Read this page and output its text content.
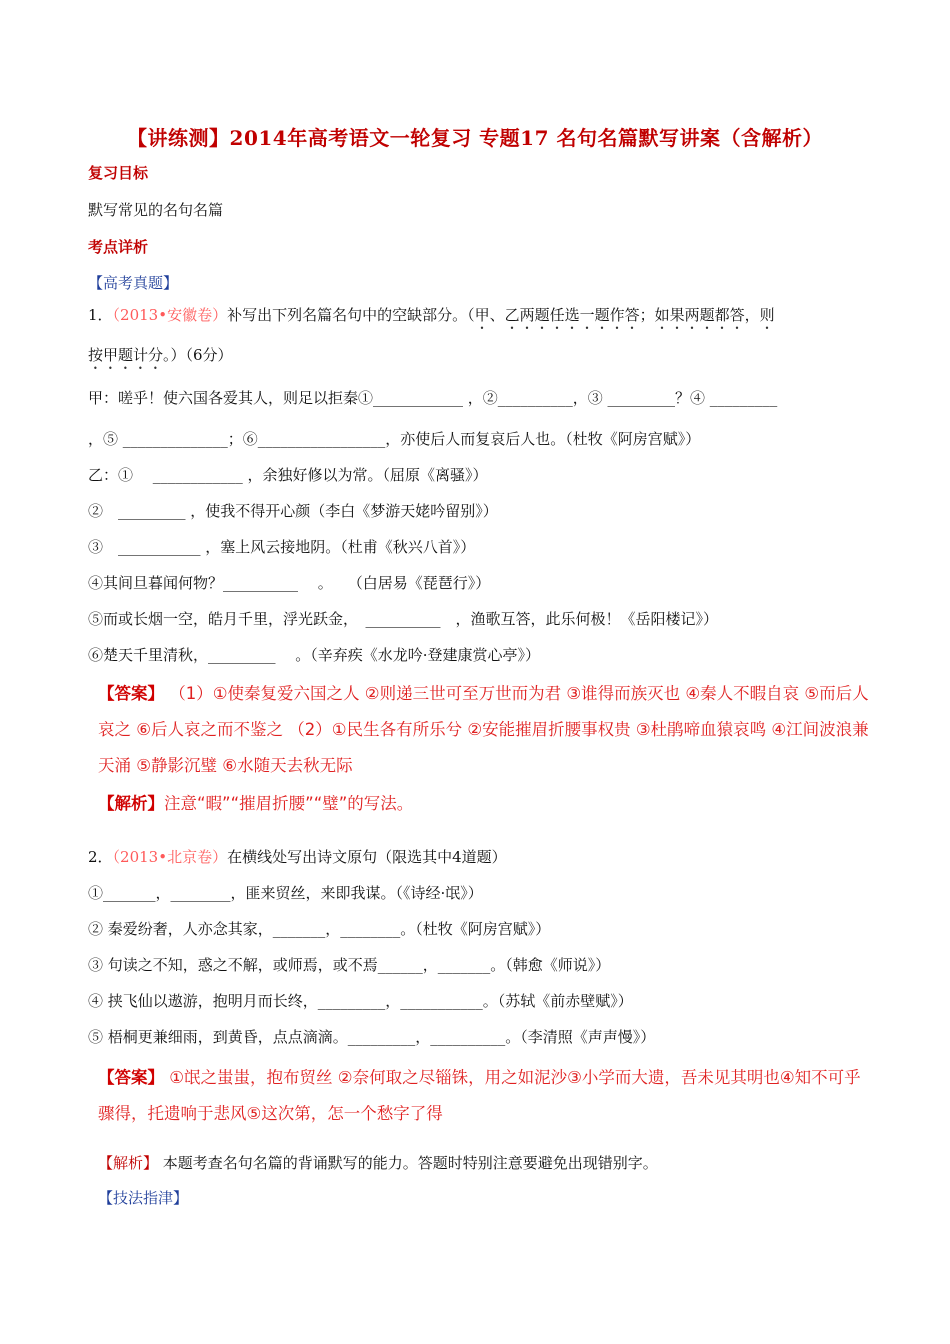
【讲练测】2014年高考语文一轮复习 专题17 名句名篇默写讲案（含解析）
复习目标
默写常见的名句名篇
考点详析
【高考真题】
1．（2013•安徽卷）补写出下列名篇名句中的空缺部分。（甲、乙两题任选一题作答；如果两题都答，则
按甲题计分。）（6分）
甲：嗟乎！使六国各爱其人，则足以拒秦①____________ ，②__________，③ _________？④ _________
，⑤ ______________；⑥_________________，亦使后人而复哀后人也。（杜牧《阿房宫赋》）
乙：①　 ____________ ，余独好修以为常。（屈原《离骚》）
②　_________ ，使我不得开心颜（李白《梦游天姥吟留别》）
③　___________ ，塞上风云接地阴。（杜甫《秋兴八首》）
④其间旦暮闻何物？__________　 。　　（白居易《琵琶行》）
⑤而或长烟一空，皓月千里，浮光跃金，　__________　，渔歌互答，此乐何极！《岳阳楼记》）
⑥楚天千里清秋，_________　 。（辛弃疾《水龙吟·登建康赏心亭》）
【答案】 （1）①使秦复爱六国之人 ②则递三世可至万世而为君 ③谁得而族灭也 ④秦人不暇自哀 ⑤而后人哀之 ⑥后人哀之而不鉴之 （2）①民生各有所乐兮 ②安能摧眉折腰事权贵 ③杜鹃啼血猿哀鸣 ④江间波浪兼天涌 ⑤静影沉璧 ⑥水随天去秋无际
【解析】注意“暇”“摧眉折腰”“璧”的写法。
2．（2013•北京卷）在横线处写出诗文原句（限选其中4道题）
①_______，________，匪来贸丝，来即我谋。（《诗经·氓》）
② 秦爱纷奢，人亦念其家，_______，________。（杜牧《阿房宫赋》）
③ 句读之不知，惑之不解，或师焉，或不焉______，_______。（韩愈《师说》）
④ 挟飞仙以遨游，抱明月而长终，_________，___________。（苏轼《前赤壁赋》）
⑤ 梧桐更兼细雨，到黄昏，点点滴滴。_________，__________。（李清照《声声慢》）
【答案】 ①氓之蚩蚩，抱布贸丝 ②奈何取之尽锱铢，用之如泥沙③小学而大遗，吾未见其明也④知不可乎骤得，托遗响于悲风⑤这次第，怎一个愁字了得
【解析】 本题考查名句名篇的背诵默写的能力。答题时特别注意要避免出现错别字。
【技法指津】
